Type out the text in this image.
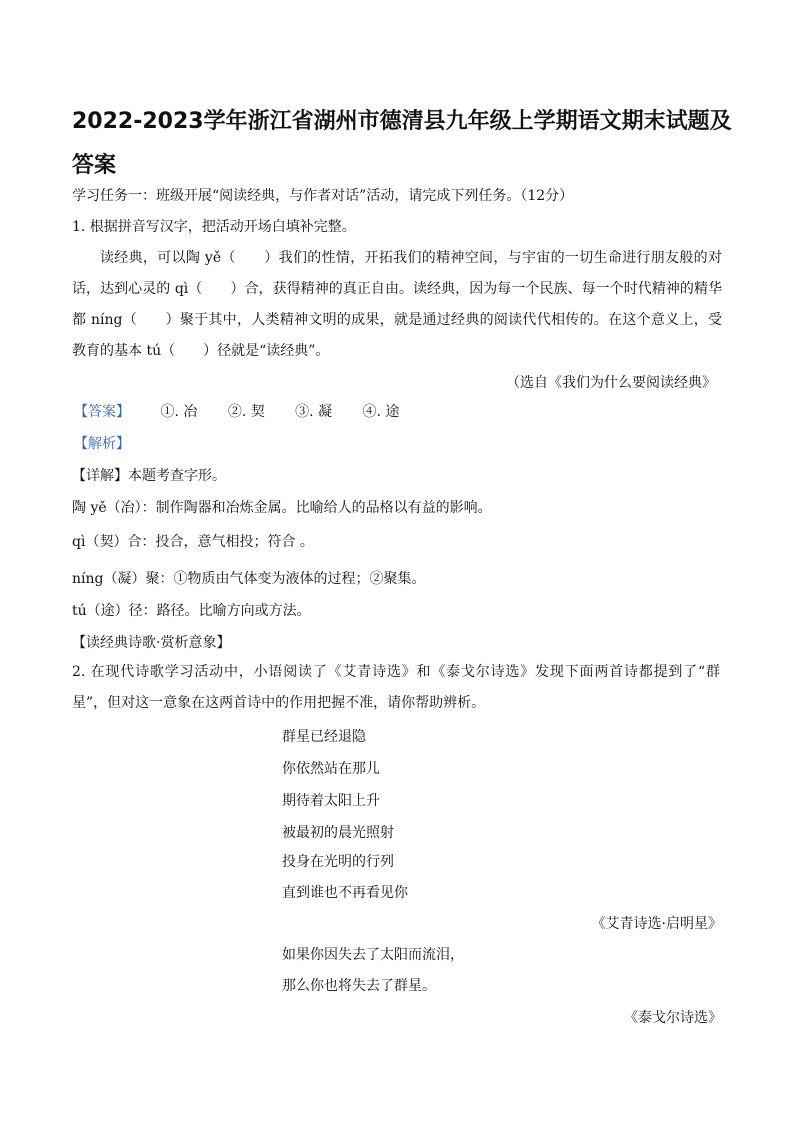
2022-2023学年浙江省湖州市德清县九年级上学期语文期末试题及答案
学习任务一：班级开展“阅读经典，与作者对话”活动，请完成下列任务。（12分）
1. 根据拼音写汉字，把活动开场白填补完整。
读经典，可以陶 yě（　　）我们的性情，开拓我们的精神空间，与宇宙的一切生命进行朋友般的对话，达到心灵的 qì（　　）合，获得精神的真正自由。读经典，因为每一个民族、每一个时代精神的精华都 níng（　　）聚于其中，人类精神文明的成果，就是通过经典的阅读代代相传的。在这个意义上，受教育的基本 tú（　　）径就是“读经典”。
（选自《我们为什么要阅读经典》
【答案】 ①. 冶 ②. 契 ③. 凝 ④. 途
【解析】
【详解】本题考查字形。
陶 yě（冶）：制作陶器和冶炼金属。比喻给人的品格以有益的影响。
qì（契）合：投合，意气相投；符合 。
níng（凝）聚：①物质由气体变为液体的过程；②聚集。
tú（途）径：路径。比喻方向或方法。
【读经典诗歌·赏析意象】
2. 在现代诗歌学习活动中，小语阅读了《艾青诗选》和《泰戈尔诗选》发现下面两首诗都提到了“群星”，但对这一意象在这两首诗中的作用把握不准，请你帮助辨析。
群星已经退隐
你依然站在那儿
期待着太阳上升
被最初的晨光照射
投身在光明的行列
直到谁也不再看见你
《艾青诗选·启明星》
如果你因失去了太阳而流泪，
那么你也将失去了群星。
《泰戈尔诗选》
